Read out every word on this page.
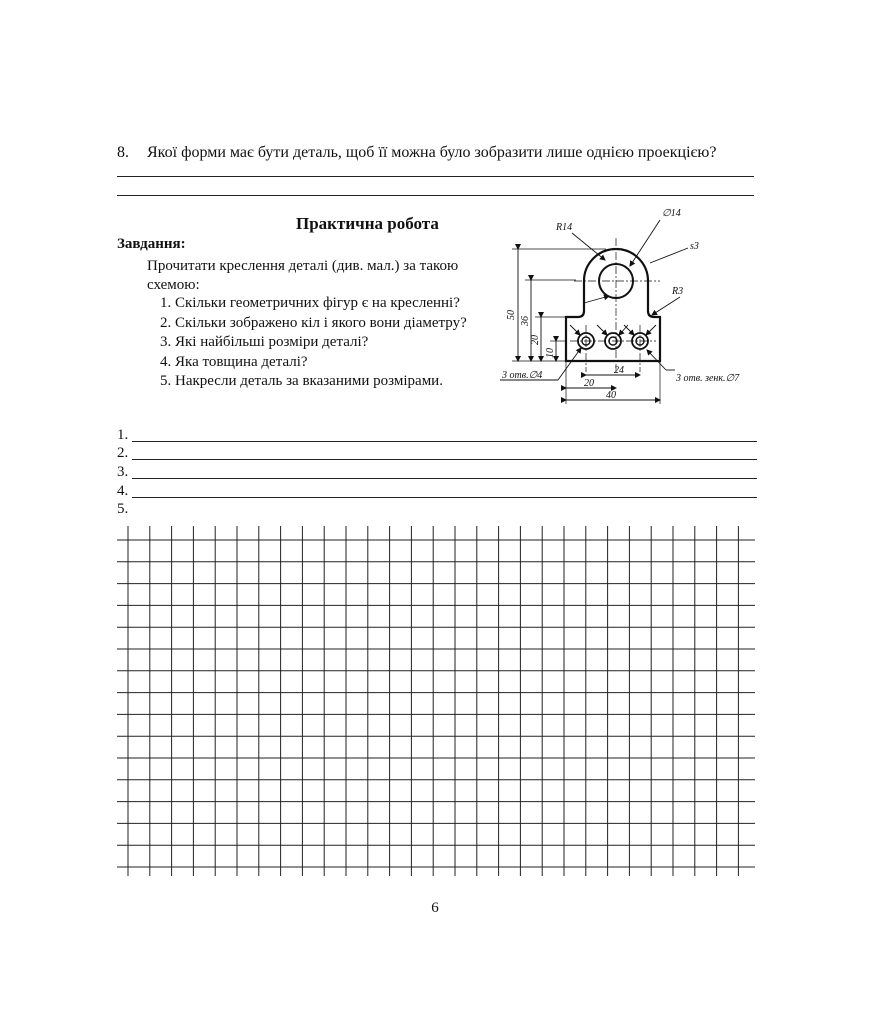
8. Якої форми має бути деталь, щоб її можна було зобразити лише однією проекцією?
Практична робота
Завдання:
Прочитати креслення деталі (див. мал.) за такою схемою:
1. Скільки геометричних фігур є на кресленні?
2. Скільки зображено кіл і якого вони діаметру?
3. Які найбільші розміри деталі?
4. Яка товщина деталі?
5. Накресли деталь за вказаними розмірами.
R14
∅14
s3
R3
50
36
20
10
24
20
40
3 отв.∅4	3 отв. зенк.∅7
1.
2.
3.
4.
5.
6
